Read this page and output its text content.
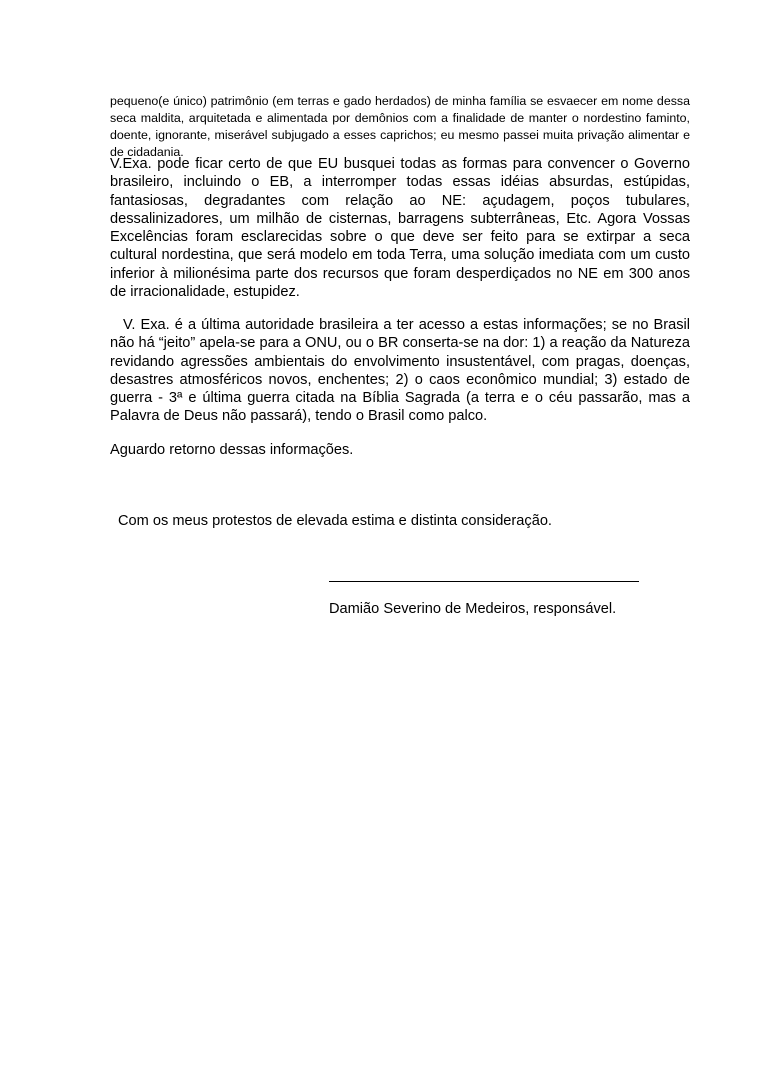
pequeno(e único) patrimônio (em terras e gado herdados) de minha família se esvaecer em nome dessa seca maldita, arquitetada e alimentada por demônios com a finalidade de manter o nordestino faminto, doente, ignorante, miserável subjugado a esses caprichos; eu mesmo passei muita privação alimentar e de cidadania.

V.Exa. pode ficar certo de que EU busquei todas as formas para convencer o Governo brasileiro, incluindo o EB, a interromper todas essas idéias absurdas, estúpidas, fantasiosas, degradantes com relação ao NE: açudagem, poços tubulares, dessalinizadores, um milhão de cisternas, barragens subterrâneas, Etc. Agora Vossas Excelências foram esclarecidas sobre o que deve ser feito para se extirpar a seca cultural nordestina, que será modelo em toda Terra, uma solução imediata com um custo inferior à milionésima parte dos recursos que foram desperdiçados no NE em 300 anos de irracionalidade, estupidez.

V. Exa. é a última autoridade brasileira a ter acesso a estas informações; se no Brasil não há “jeito” apela-se para a ONU, ou o BR conserta-se na dor: 1) a reação da Natureza revidando agressões ambientais do envolvimento insustentável, com pragas, doenças, desastres atmosféricos novos, enchentes; 2) o caos econômico mundial; 3) estado de guerra - 3ª e última guerra citada na Bíblia Sagrada (a terra e o céu passarão, mas a Palavra de Deus não passará), tendo o Brasil como palco.

Aguardo retorno dessas informações.

Com os meus protestos de elevada estima e distinta consideração.

Damião Severino de Medeiros, responsável.
